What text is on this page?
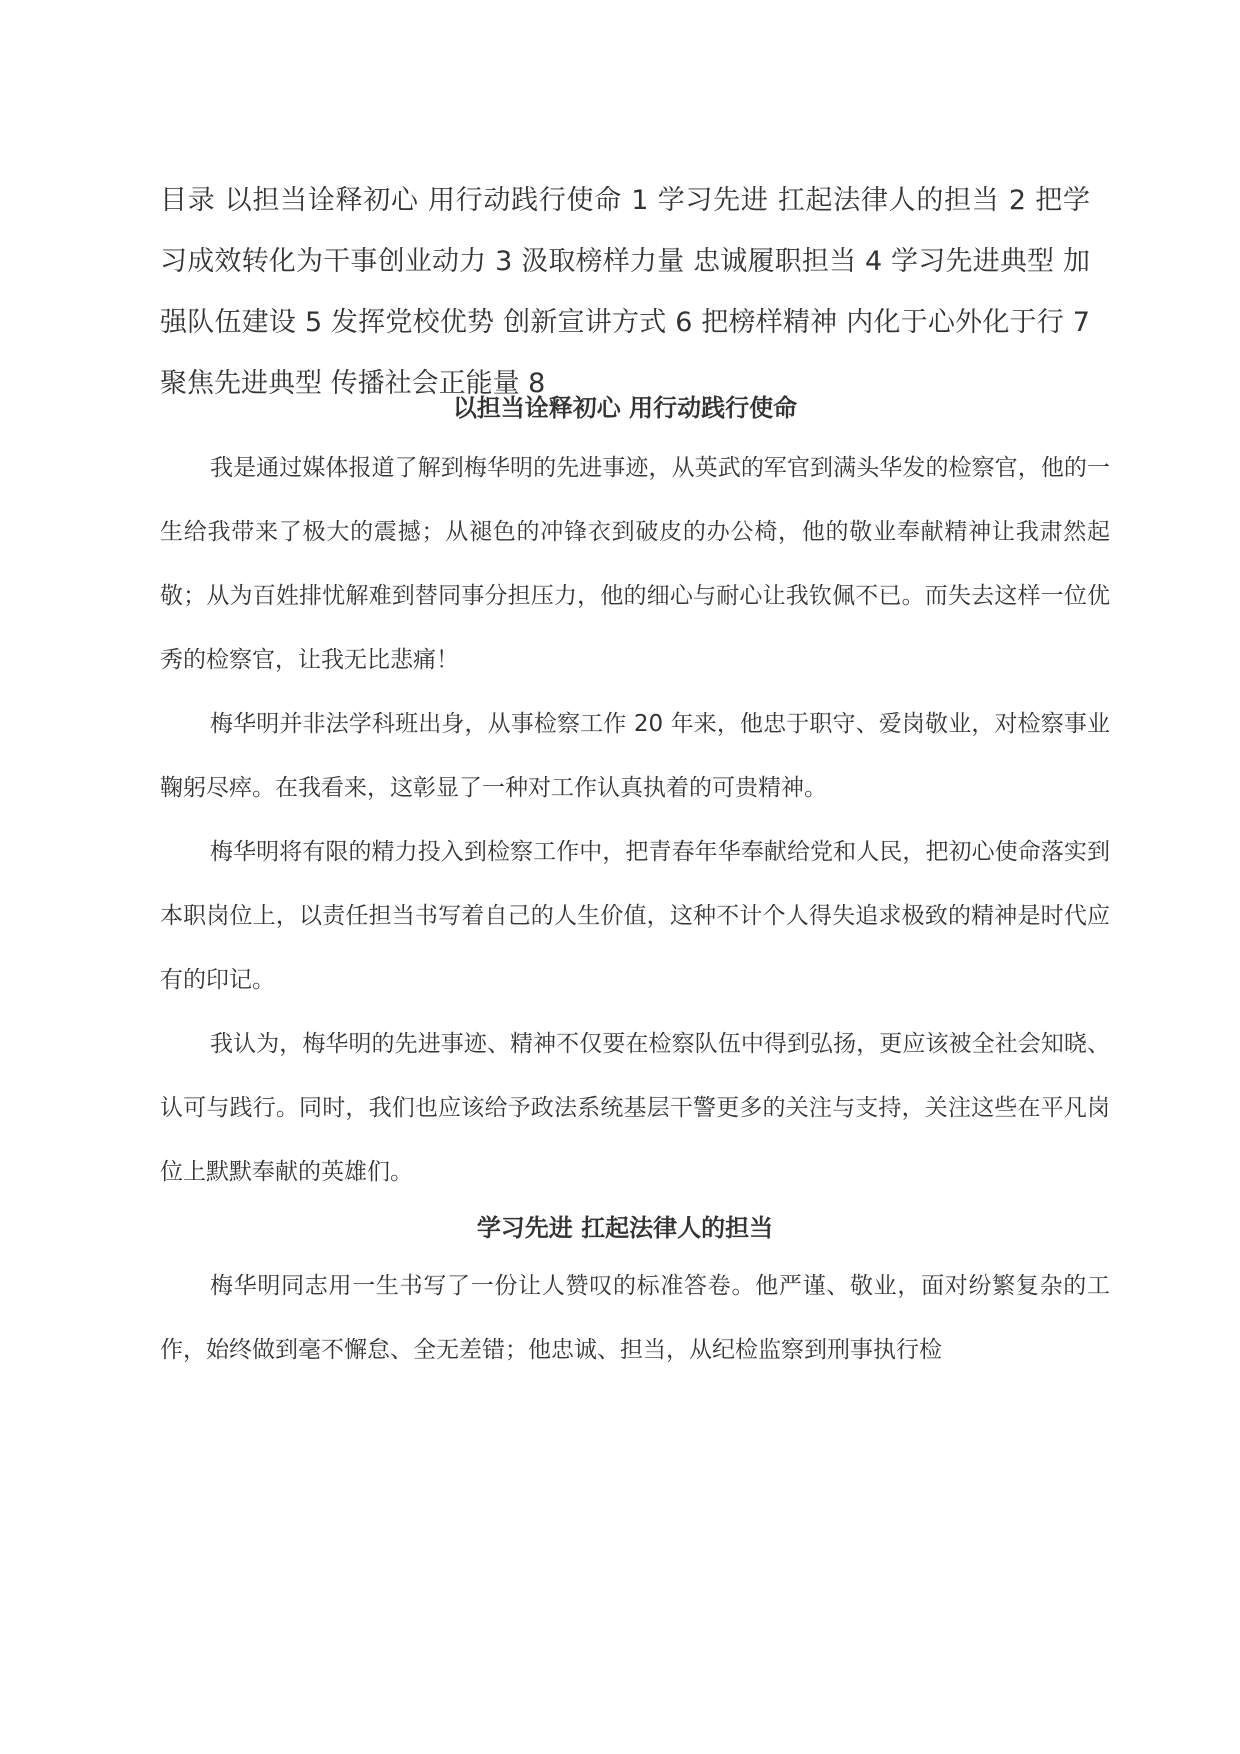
目录 以担当诠释初心 用行动践行使命 1 学习先进 扛起法律人的担当 2 把学习成效转化为干事创业动力 3 汲取榜样力量 忠诚履职担当 4 学习先进典型 加强队伍建设 5 发挥党校优势 创新宣讲方式 6 把榜样精神 内化于心外化于行 7 聚焦先进典型 传播社会正能量 8

以担当诠释初心 用行动践行使命

我是通过媒体报道了解到梅华明的先进事迹，从英武的军官到满头华发的检察官，他的一生给我带来了极大的震撼；从褪色的冲锋衣到破皮的办公椅，他的敬业奉献精神让我肃然起敬；从为百姓排忧解难到替同事分担压力，他的细心与耐心让我钦佩不已。而失去这样一位优秀的检察官，让我无比悲痛！

梅华明并非法学科班出身，从事检察工作 20 年来，他忠于职守、爱岗敬业，对检察事业鞠躬尽瘁。在我看来，这彰显了一种对工作认真执着的可贵精神。

梅华明将有限的精力投入到检察工作中，把青春年华奉献给党和人民，把初心使命落实到本职岗位上，以责任担当书写着自己的人生价值，这种不计个人得失追求极致的精神是时代应有的印记。

我认为，梅华明的先进事迹、精神不仅要在检察队伍中得到弘扬，更应该被全社会知晓、认可与践行。同时，我们也应该给予政法系统基层干警更多的关注与支持，关注这些在平凡岗位上默默奉献的英雄们。

学习先进 扛起法律人的担当

梅华明同志用一生书写了一份让人赞叹的标准答卷。他严谨、敬业，面对纷繁复杂的工作，始终做到毫不懈怠、全无差错；他忠诚、担当，从纪检监察到刑事执行检
